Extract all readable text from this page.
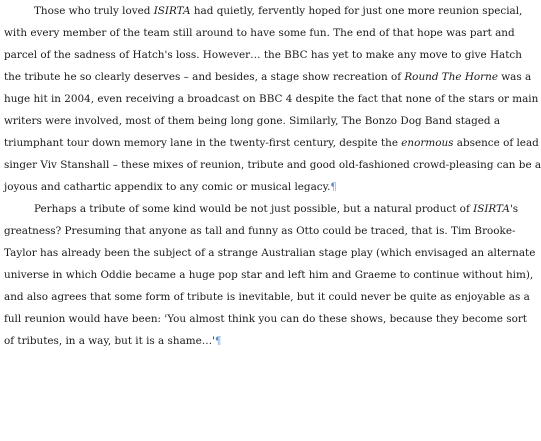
Those who truly loved ISIRTA had quietly, fervently hoped for just one more reunion special,
with every member of the team still around to have some fun. The end of that hope was part and
parcel of the sadness of Hatch's loss. However… the BBC has yet to make any move to give Hatch
the tribute he so clearly deserves – and besides, a stage show recreation of Round The Horne was a
huge hit in 2004, even receiving a broadcast on BBC 4 despite the fact that none of the stars or main
writers were involved, most of them being long gone. Similarly, The Bonzo Dog Band staged a
triumphant tour down memory lane in the twenty-first century, despite the enormous absence of lead
singer Viv Stanshall – these mixes of reunion, tribute and good old-fashioned crowd-pleasing can be a
joyous and cathartic appendix to any comic or musical legacy.¶
Perhaps a tribute of some kind would be not just possible, but a natural product of ISIRTA's
greatness? Presuming that anyone as tall and funny as Otto could be traced, that is. Tim Brooke-
Taylor has already been the subject of a strange Australian stage play (which envisaged an alternate
universe in which Oddie became a huge pop star and left him and Graeme to continue without him),
and also agrees that some form of tribute is inevitable, but it could never be quite as enjoyable as a
full reunion would have been: 'You almost think you can do these shows, because they become sort
of tributes, in a way, but it is a shame…'¶
